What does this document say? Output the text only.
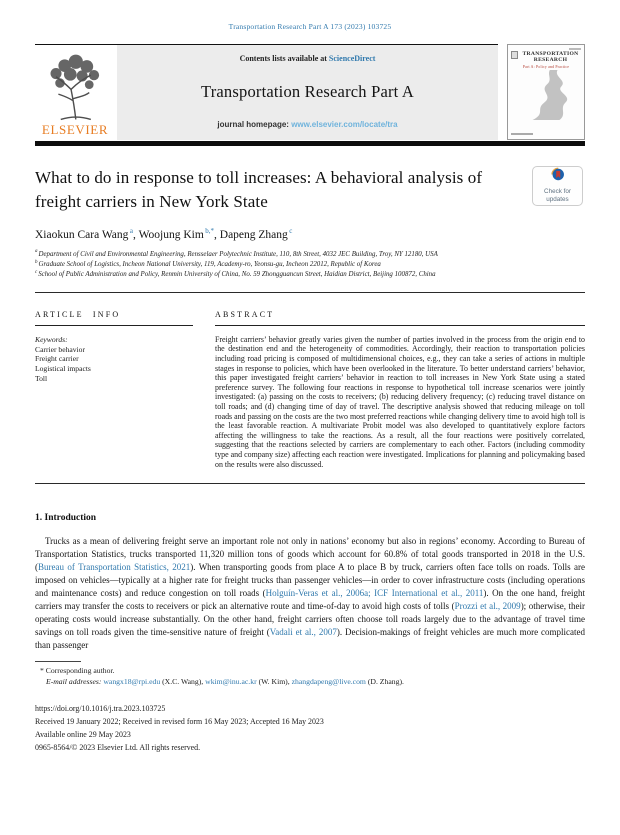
Transportation Research Part A 173 (2023) 103725
ELSEVIER
Contents lists available at ScienceDirect
Transportation Research Part A
journal homepage: www.elsevier.com/locate/tra
TRANSPORTATION
RESEARCH
Part A: Policy and Practice
What to do in response to toll increases: A behavioral analysis of freight carriers in New York State	Check for
updates
Xiaokun Cara Wang $^a$, Woojung Kim $^{b,*}$, Dapeng Zhang $^c$
$^a$Department of Civil and Environmental Engineering, Rensselaer Polytechnic Institute, 110, 8th Street, 4032 JEC Building, Troy, NY 12180, USA
$^b$Graduate School of Logistics, Incheon National University, 119, Academy-ro, Yeonsu-gu, Incheon 22012, Republic of Korea
$^c$School of Public Administration and Policy, Renmin University of China, No. 59 Zhongguancun Street, Haidian District, Beijing 100872, China
ARTICLE INFO
Keywords:
Carrier behavior
Freight carrier
Logistical impacts
Toll
ABSTRACT

Freight carriers’ behavior greatly varies given the number of parties involved in the process from the origin end to the destination end and the heterogeneity of commodities. Accordingly, their reaction to transportation policies including road pricing is composed of multidimensional choices, e.g., they can take a series of actions in multiple stages in response to policies, which have been overlooked in the literature. To better understand carriers’ behavior, this paper investigated freight carriers’ behavior in reaction to toll increases in New York State using a stated preference survey. The following four reactions in response to hypothetical toll increase scenarios were jointly investigated: (a) passing on the costs to receivers; (b) reducing delivery frequency; (c) reducing travel distance on toll roads; and (d) changing time of day of travel. The descriptive analysis showed that reducing mileage on toll roads and passing on the costs are the two most preferred reactions while changing delivery time to avoid high toll is the least favorable reaction. A multivariate Probit model was also developed to quantitatively explore factors affecting the willingness to take the reactions. As a result, all the four reactions were positively correlated, suggesting that the reactions selected by carriers are complementary to each other. Factors (including commodity type and company size) affecting each reaction were investigated. Implications for planning and policymaking based on the results were also discussed.

1. Introduction

Trucks as a mean of delivering freight serve an important role not only in nations’ economy but also in regions’ economy. According to Bureau of Transportation Statistics, trucks transported 11,320 million tons of goods which account for 60.8% of total goods transported in 2018 in the U.S. (Bureau of Transportation Statistics, 2021). When transporting goods from place A to place B by truck, carriers often face tolls on roads. Tolls are imposed on vehicles—typically at a higher rate for freight trucks than passenger vehicles—in order to cover infrastructure costs (including operations and maintenance costs) and reduce congestion on toll roads (Holguín-Veras et al., 2006a; ICF International et al., 2011). On the one hand, freight carriers may transfer the costs to receivers or pick an alternative route and time-of-day to avoid high costs of tolls (Prozzi et al., 2009); otherwise, their operating costs would increase substantially. On the other hand, freight carriers often choose toll roads largely due to the advantage of travel time savings on toll roads given the time-sensitive nature of freight (Vadali et al., 2007). Decision-makings of freight vehicles are much more complicated than passenger

* Corresponding author.
E-mail addresses: wangx18@rpi.edu (X.C. Wang), wkim@inu.ac.kr (W. Kim), zhangdapeng@live.com (D. Zhang).
https://doi.org/10.1016/j.tra.2023.103725
Received 19 January 2022; Received in revised form 16 May 2023; Accepted 16 May 2023
Available online 29 May 2023
0965-8564/© 2023 Elsevier Ltd. All rights reserved.
